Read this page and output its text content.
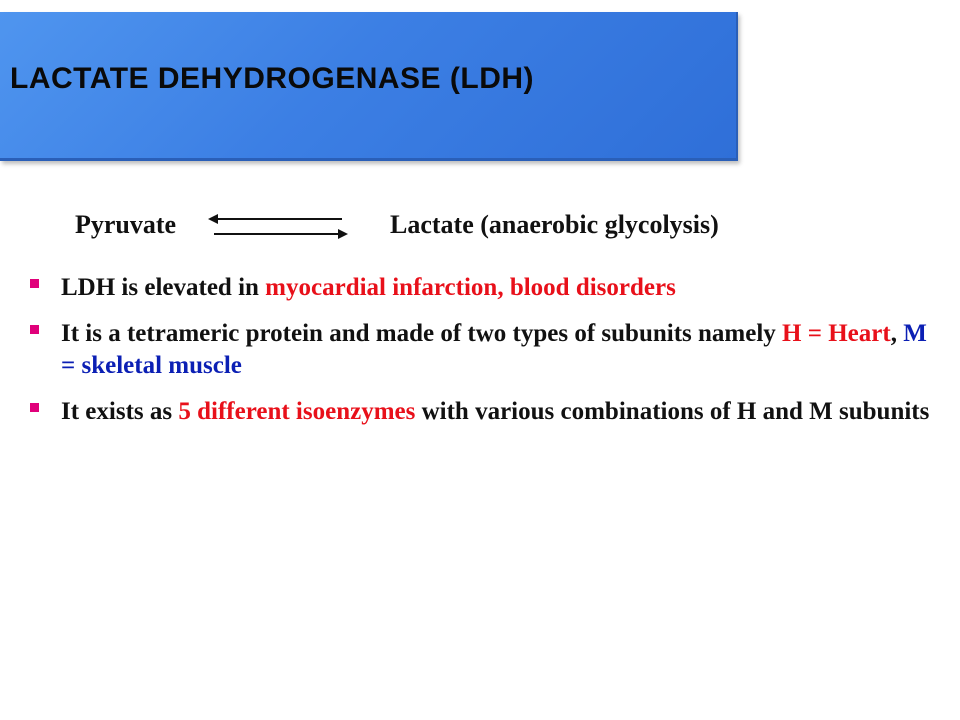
LACTATE DEHYDROGENASE (LDH)
Pyruvate	Lactate (anaerobic glycolysis)

LDH is elevated in myocardial infarction, blood disorders

It is a tetrameric protein and made of two types of subunits namely H = Heart, M = skeletal muscle

It exists as 5 different isoenzymes with various combinations of H and M subunits
